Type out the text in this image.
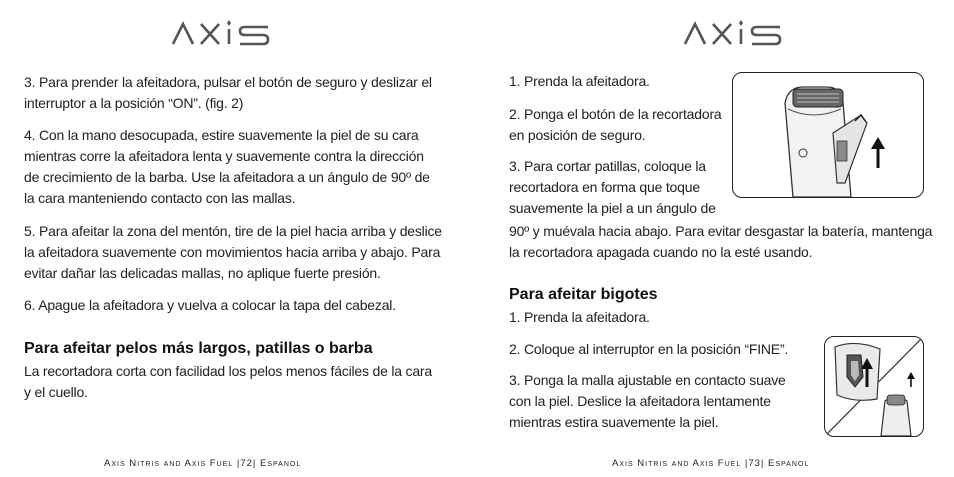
3. Para prender la afeitadora, pulsar el botón de seguro y deslizar el interruptor a la posición “ON”. (fig. 2)

4. Con la mano desocupada, estire suavemente la piel de su cara mientras corre la afeitadora lenta y suavemente contra la dirección de crecimiento de la barba. Use la afeitadora a un ángulo de 90º de la cara manteniendo contacto con las mallas.

5. Para afeitar la zona del mentón, tire de la piel hacia arriba y deslice la afeitadora suavemente con movimientos hacia arriba y abajo. Para evitar dañar las delicadas mallas, no aplique fuerte presión.

6. Apague la afeitadora y vuelva a colocar la tapa del cabezal.

Para afeitar pelos más largos, patillas o barba

La recortadora corta con facilidad los pelos menos fáciles de la cara y el cuello.

Axis Nitris and Axis Fuel |72| Espanol

1. Prenda la afeitadora.

2. Ponga el botón de la recortadora en posición de seguro.

3. Para cortar patillas, coloque la recortadora en forma que toque suavemente la piel a un ángulo de

90º y muévala hacia abajo. Para evitar desgastar la batería, mantenga la recortadora apagada cuando no la esté usando.

Para afeitar bigotes

1. Prenda la afeitadora.

2. Coloque al interruptor en la posición “FINE”.

3. Ponga la malla ajustable en contacto suave con la piel. Deslice la afeitadora lentamente mientras estira suavemente la piel.

Axis Nitris and Axis Fuel |73| Espanol
